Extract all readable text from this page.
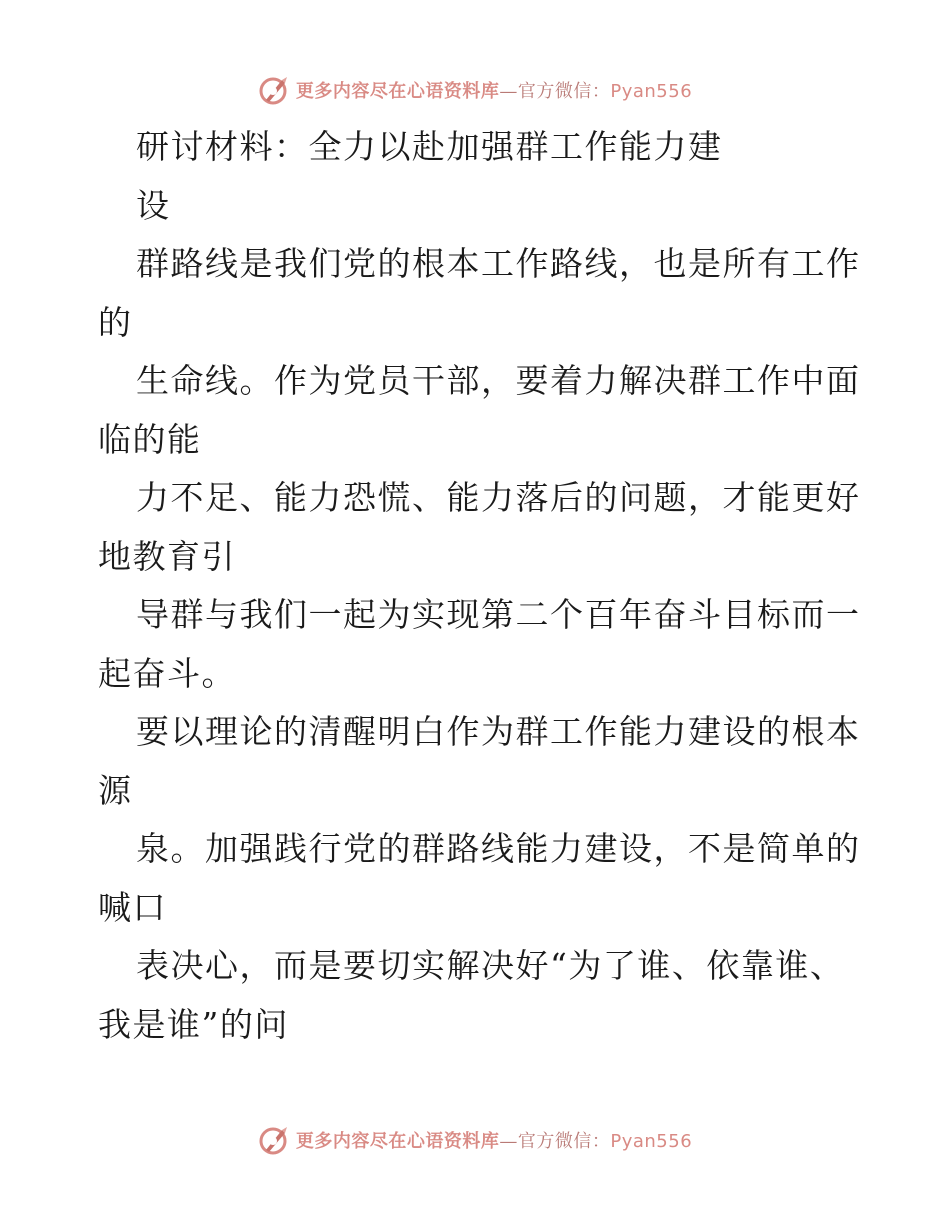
更多内容尽在心语资料库—官方微信：Pyan556
研讨材料：全力以赴加强群工作能力建
设
群路线是我们党的根本工作路线，也是所有工作
的
生命线。作为党员干部，要着力解决群工作中面
临的能
力不足、能力恐慌、能力落后的问题，才能更好
地教育引
导群与我们一起为实现第二个百年奋斗目标而一
起奋斗。
要以理论的清醒明白作为群工作能力建设的根本
源
泉。加强践行党的群路线能力建设，不是简单的
喊口
表决心，而是要切实解决好“为了谁、依靠谁、
我是谁”的问
更多内容尽在心语资料库—官方微信：Pyan556
